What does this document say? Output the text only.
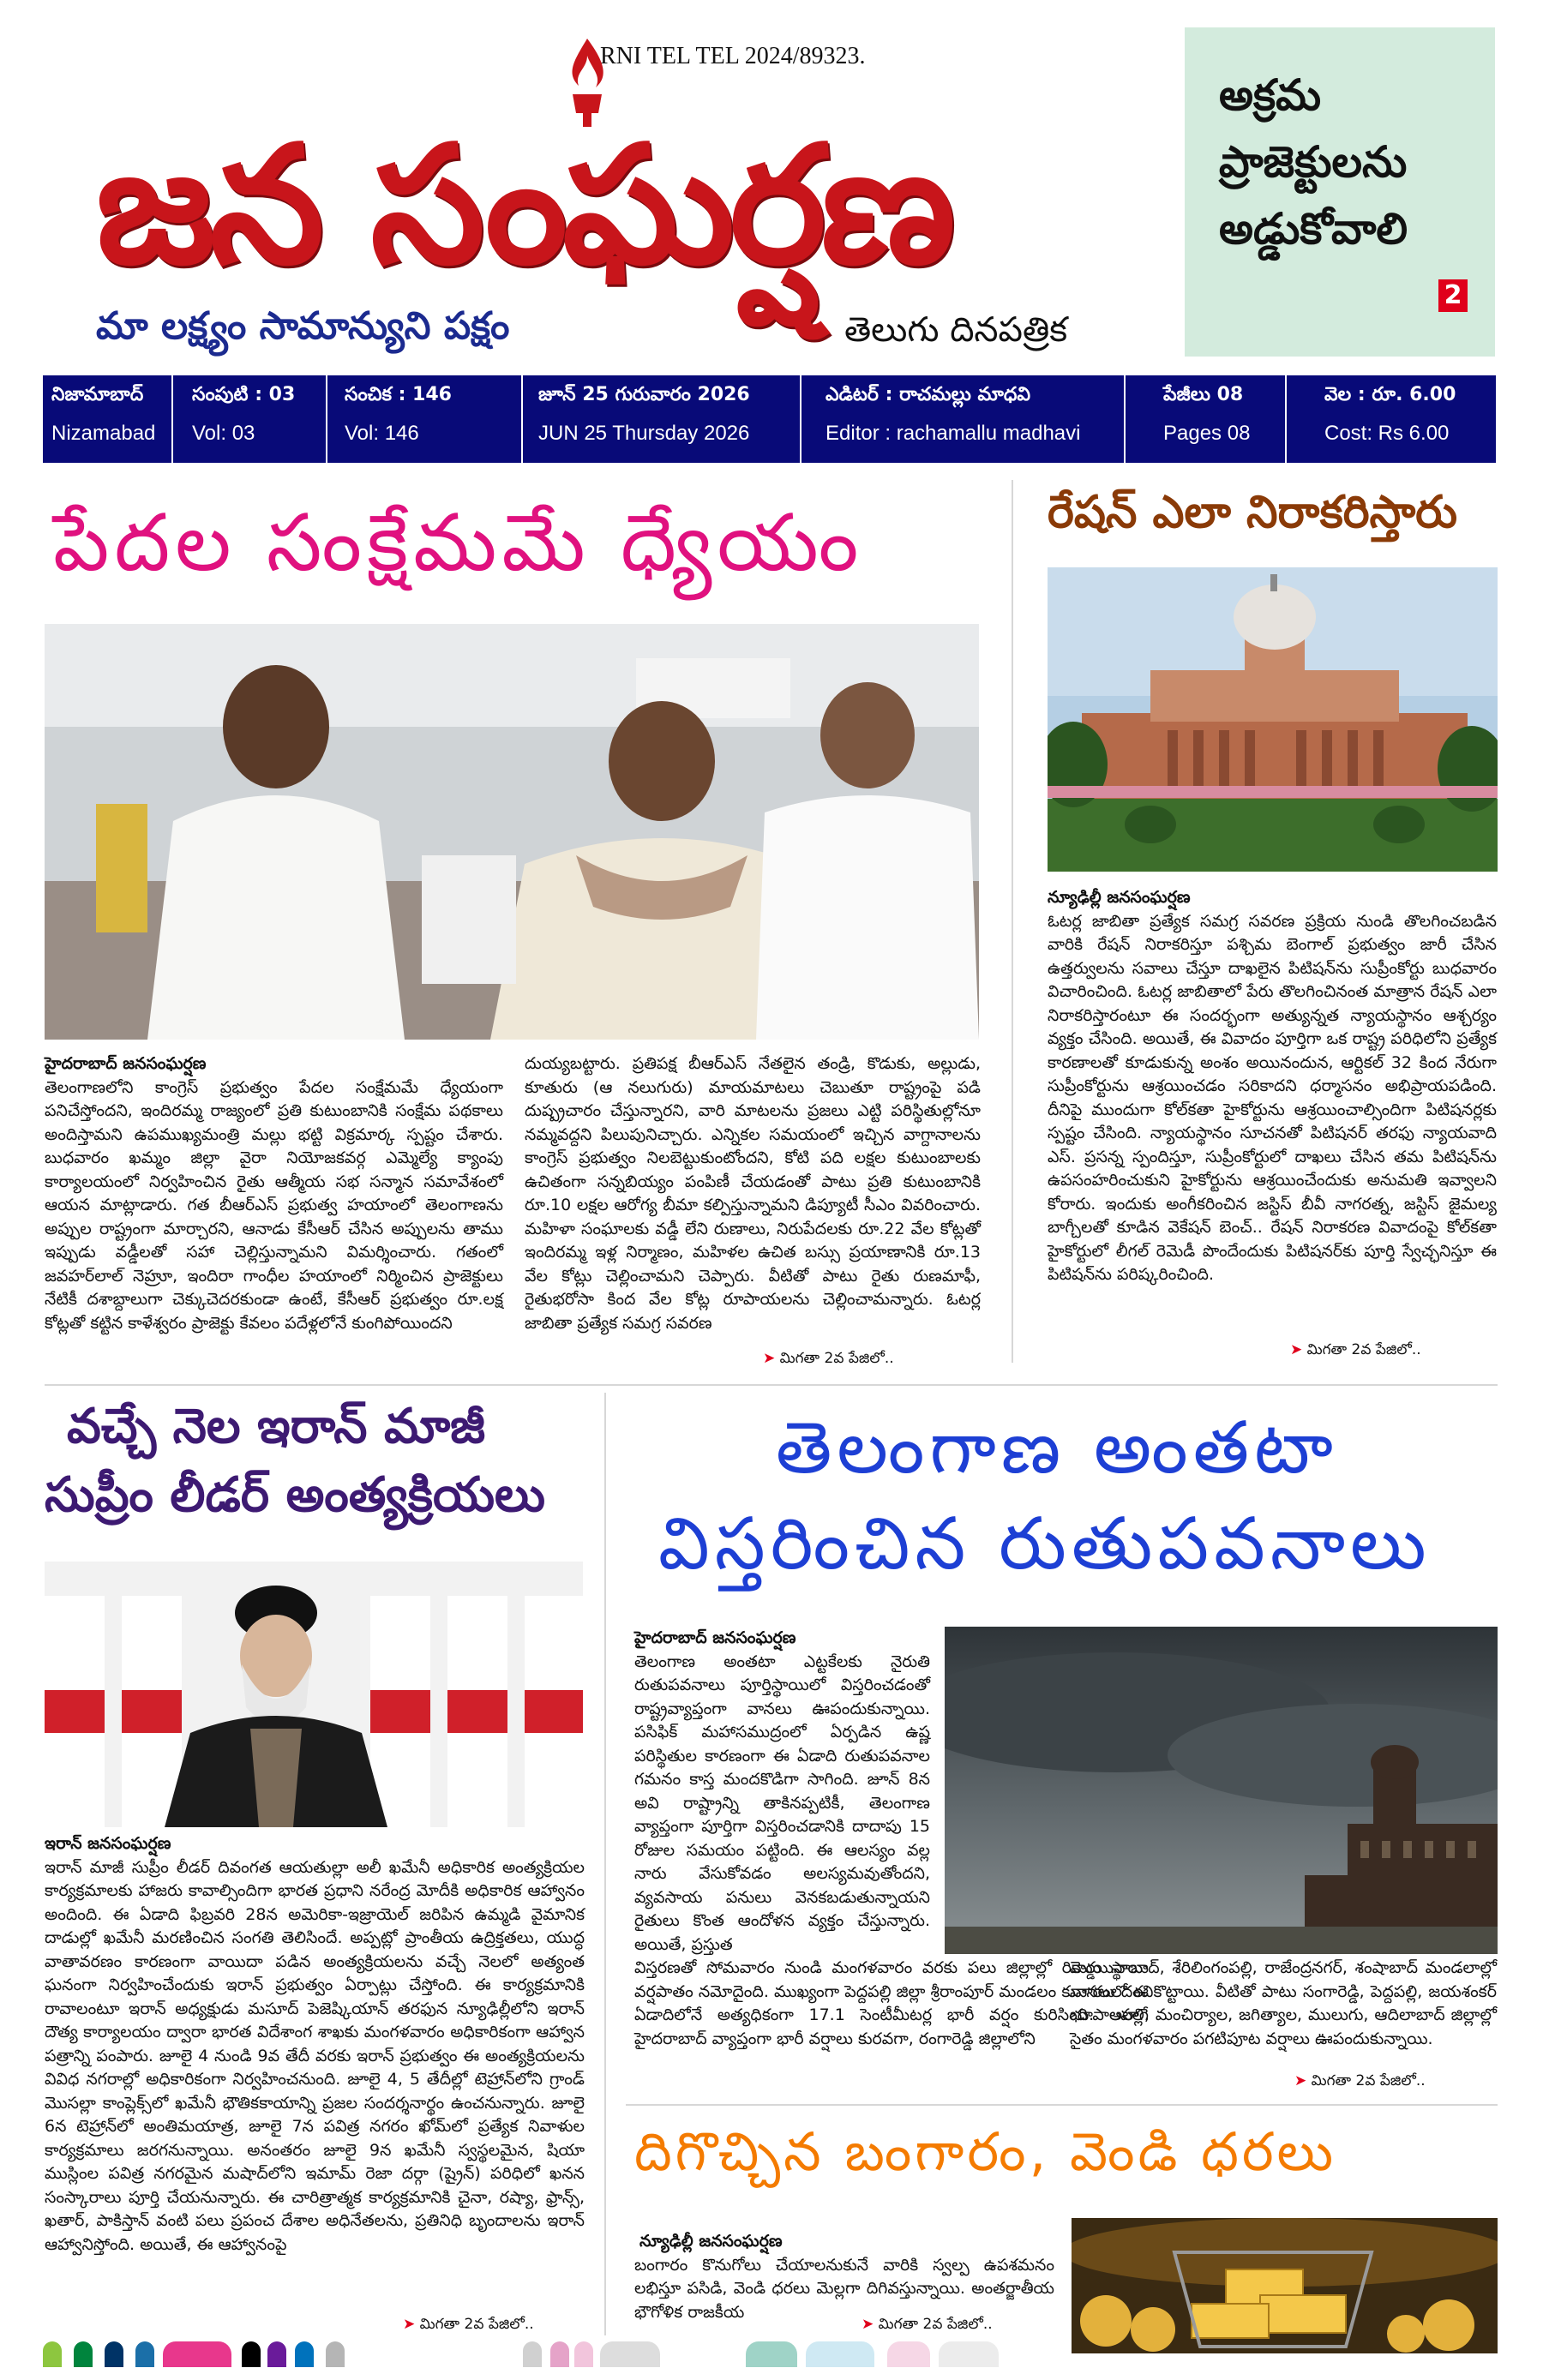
RNI TEL TEL 2024/89323.
జన సంఘర్షణ
మా లక్ష్యం సామాన్యుని పక్షం	తెలుగు దినపత్రిక
అక్రమ ప్రాజెక్టులను అడ్డుకోవాలి
2
నిజామాబాద్
Nizamabad
సంపుటి : 03
Vol: 03
సంచిక : 146
Vol: 146
జూన్ 25 గురువారం 2026
JUN 25 Thursday 2026
ఎడిటర్ : రాచమల్లు మాధవి
Editor : rachamallu madhavi
పేజీలు 08
Pages 08
వెల : రూ. 6.00
Cost: Rs 6.00
పేదల సంక్షేమమే ధ్యేయం
హైదరాబాద్ జనసంఘర్షణ
తెలంగాణలోని కాంగ్రెస్ ప్రభుత్వం పేదల సంక్షేమమే ధ్యేయంగా పనిచేస్తోందని, ఇందిరమ్మ రాజ్యంలో ప్రతి కుటుంబానికి సంక్షేమ పథకాలు అందిస్తామని ఉపముఖ్యమంత్రి మల్లు భట్టి విక్రమార్క స్పష్టం చేశారు. బుధవారం ఖమ్మం జిల్లా వైరా నియోజకవర్గ ఎమ్మెల్యే క్యాంపు కార్యాలయంలో నిర్వహించిన రైతు ఆత్మీయ సభ సన్మాన సమావేశంలో ఆయన మాట్లాడారు. గత బీఆర్ఎస్ ప్రభుత్వ హయాంలో తెలంగాణను అప్పుల రాష్ట్రంగా మార్చారని, ఆనాడు కేసీఆర్ చేసిన అప్పులను తాము ఇప్పుడు వడ్డీలతో సహా చెల్లిస్తున్నామని విమర్శించారు. గతంలో జవహర్‌లాల్ నెహ్రూ, ఇందిరా గాంధీల హయాంలో నిర్మించిన ప్రాజెక్టులు నేటికీ దశాబ్దాలుగా చెక్కుచెదరకుండా ఉంటే, కేసీఆర్ ప్రభుత్వం రూ.లక్ష కోట్లతో కట్టిన కాళేశ్వరం ప్రాజెక్టు కేవలం పదేళ్లలోనే కుంగిపోయిందని
దుయ్యబట్టారు. ప్రతిపక్ష బీఆర్ఎస్ నేతలైన తండ్రి, కొడుకు, అల్లుడు, కూతురు (ఆ నలుగురు) మాయమాటలు చెబుతూ రాష్ట్రంపై పడి దుష్ప్రచారం చేస్తున్నారని, వారి మాటలను ప్రజలు ఎట్టి పరిస్థితుల్లోనూ నమ్మవద్దని పిలుపునిచ్చారు. ఎన్నికల సమయంలో ఇచ్చిన వాగ్దానాలను కాంగ్రెస్ ప్రభుత్వం నిలబెట్టుకుంటోందని, కోటి పది లక్షల కుటుంబాలకు ఉచితంగా సన్నబియ్యం పంపిణీ చేయడంతో పాటు ప్రతి కుటుంబానికి రూ.10 లక్షల ఆరోగ్య బీమా కల్పిస్తున్నామని డిప్యూటీ సీఎం వివరించారు. మహిళా సంఘాలకు వడ్డీ లేని రుణాలు, నిరుపేదలకు రూ.22 వేల కోట్లతో ఇందిరమ్మ ఇళ్ల నిర్మాణం, మహిళల ఉచిత బస్సు ప్రయాణానికి రూ.13 వేల కోట్లు చెల్లించామని చెప్పారు. వీటితో పాటు రైతు రుణమాఫీ, రైతుభరోసా కింద వేల కోట్ల రూపాయలను చెల్లించామన్నారు. ఓటర్ల జాబితా ప్రత్యేక సమగ్ర సవరణ
➤ మిగతా 2వ పేజిలో..
రేషన్ ఎలా నిరాకరిస్తారు
న్యూఢిల్లీ జనసంఘర్షణ
ఓటర్ల జాబితా ప్రత్యేక సమగ్ర సవరణ ప్రక్రియ నుండి తొలగించబడిన వారికి రేషన్ నిరాకరిస్తూ పశ్చిమ బెంగాల్ ప్రభుత్వం జారీ చేసిన ఉత్తర్వులను సవాలు చేస్తూ దాఖలైన పిటిషన్‌ను సుప్రీంకోర్టు బుధవారం విచారించింది. ఓటర్ల జాబితాలో పేరు తొలగించినంత మాత్రాన రేషన్ ఎలా నిరాకరిస్తారంటూ ఈ సందర్భంగా అత్యున్నత న్యాయస్థానం ఆశ్చర్యం వ్యక్తం చేసింది. అయితే, ఈ వివాదం పూర్తిగా ఒక రాష్ట్ర పరిధిలోని ప్రత్యేక కారణాలతో కూడుకున్న అంశం అయినందున, ఆర్టికల్ 32 కింద నేరుగా సుప్రీంకోర్టును ఆశ్రయించడం సరికాదని ధర్మాసనం అభిప్రాయపడింది. దీనిపై ముందుగా కోల్‌కతా హైకోర్టును ఆశ్రయించాల్సిందిగా పిటిషనర్లకు స్పష్టం చేసింది. న్యాయస్థానం సూచనతో పిటిషనర్ తరఫు న్యాయవాది ఎస్. ప్రసన్న స్పందిస్తూ, సుప్రీంకోర్టులో దాఖలు చేసిన తమ పిటిషన్‌ను ఉపసంహరించుకుని హైకోర్టును ఆశ్రయించేందుకు అనుమతి ఇవ్వాలని కోరారు. ఇందుకు అంగీకరించిన జస్టిస్ బీవీ నాగరత్న, జస్టిస్ జైమల్య బాగ్చీలతో కూడిన వెకేషన్ బెంచ్.. రేషన్ నిరాకరణ వివాదంపై కోల్‌కతా హైకోర్టులో లీగల్ రెమెడీ పొందేందుకు పిటిషనర్‌కు పూర్తి స్వేచ్ఛనిస్తూ ఈ పిటిషన్‌ను పరిష్కరించింది.
➤ మిగతా 2వ పేజిలో..
వచ్చే నెల ఇరాన్ మాజీ
సుప్రీం లీడర్ అంత్యక్రియలు
ఇరాన్ జనసంఘర్షణ
ఇరాన్ మాజీ సుప్రీం లీడర్ దివంగత ఆయతుల్లా అలీ ఖమేనీ అధికారిక అంత్యక్రియల కార్యక్రమాలకు హాజరు కావాల్సిందిగా భారత ప్రధాని నరేంద్ర మోదీకి అధికారిక ఆహ్వానం అందింది. ఈ ఏడాది ఫిబ్రవరి 28న అమెరికా-ఇజ్రాయెల్ జరిపిన ఉమ్మడి వైమానిక దాడుల్లో ఖమేనీ మరణించిన సంగతి తెలిసిందే. అప్పట్లో ప్రాంతీయ ఉద్రిక్తతలు, యుద్ధ వాతావరణం కారణంగా వాయిదా పడిన అంత్యక్రియలను వచ్చే నెలలో అత్యంత ఘనంగా నిర్వహించేందుకు ఇరాన్ ప్రభుత్వం ఏర్పాట్లు చేస్తోంది. ఈ కార్యక్రమానికి రావాలంటూ ఇరాన్ అధ్యక్షుడు మసూద్ పెజెష్కియాన్ తరఫున న్యూఢిల్లీలోని ఇరాన్ దౌత్య కార్యాలయం ద్వారా భారత విదేశాంగ శాఖకు మంగళవారం అధికారికంగా ఆహ్వాన పత్రాన్ని పంపారు. జూలై 4 నుండి 9వ తేదీ వరకు ఇరాన్ ప్రభుత్వం ఈ అంత్యక్రియలను వివిధ నగరాల్లో అధికారికంగా నిర్వహించనుంది. జూలై 4, 5 తేదీల్లో టెహ్రాన్‌లోని గ్రాండ్ మొసల్లా కాంప్లెక్స్‌లో ఖమేనీ భౌతికకాయాన్ని ప్రజల సందర్శనార్థం ఉంచనున్నారు. జూలై 6న టెహ్రాన్‌లో అంతిమయాత్ర, జూలై 7న పవిత్ర నగరం ఖోమ్‌లో ప్రత్యేక నివాళుల కార్యక్రమాలు జరగనున్నాయి. అనంతరం జూలై 9న ఖమేనీ స్వస్థలమైన, షియా ముస్లింల పవిత్ర నగరమైన మషాద్‌లోని ఇమామ్ రెజా దర్గా (ష్రైన్) పరిధిలో ఖనన సంస్కారాలు పూర్తి చేయనున్నారు. ఈ చారిత్రాత్మక కార్యక్రమానికి చైనా, రష్యా, ఫ్రాన్స్, ఖతార్, పాకిస్తాన్ వంటి పలు ప్రపంచ దేశాల అధినేతలను, ప్రతినిధి బృందాలను ఇరాన్ ఆహ్వానిస్తోంది. అయితే, ఈ ఆహ్వానంపై
➤ మిగతా 2వ పేజిలో..
తెలంగాణ అంతటా
విస్తరించిన రుతుపవనాలు
హైదరాబాద్ జనసంఘర్షణ
తెలంగాణ అంతటా ఎట్టకేలకు నైరుతి రుతుపవనాలు పూర్తిస్థాయిలో విస్తరించడంతో రాష్ట్రవ్యాప్తంగా వానలు ఊపందుకున్నాయి. పసిఫిక్ మహాసముద్రంలో ఏర్పడిన ఉష్ణ పరిస్థితుల కారణంగా ఈ ఏడాది రుతుపవనాల గమనం కాస్త మందకొడిగా సాగింది. జూన్ 8న అవి రాష్ట్రాన్ని తాకినప్పటికీ, తెలంగాణ వ్యాప్తంగా పూర్తిగా విస్తరించడానికి దాదాపు 15 రోజుల సమయం పట్టింది. ఈ ఆలస్యం వల్ల నారు వేసుకోవడం అలస్యమవుతోందని, వ్యవసాయ పనులు వెనకబడుతున్నాయని రైతులు కొంత ఆందోళన వ్యక్తం చేస్తున్నారు. అయితే, ప్రస్తుత
విస్తరణతో సోమవారం నుండి మంగళవారం వరకు పలు జిల్లాల్లో రికార్డు స్థాయి వర్షపాతం నమోదైంది. ముఖ్యంగా పెద్దపల్లి జిల్లా శ్రీరాంపూర్ మండలం కునారంలో ఈ ఏడాదిలోనే అత్యధికంగా 17.1 సెంటీమీటర్ల భారీ వర్షం కురిసింది. అలాగే హైదరాబాద్ వ్యాప్తంగా భారీ వర్షాలు కురవగా, రంగారెడ్డి జిల్లాలోని
మొయినాబాద్, శేరిలింగంపల్లి, రాజేంద్రనగర్, శంషాబాద్ మండలాల్లో వానలు దంచికొట్టాయి. వీటితో పాటు సంగారెడ్డి, పెద్దపల్లి, జయశంకర్ భూపాలపల్లి, మంచిర్యాల, జగిత్యాల, ములుగు, ఆదిలాబాద్ జిల్లాల్లో సైతం మంగళవారం పగటిపూట వర్షాలు ఊపందుకున్నాయి.
➤ మిగతా 2వ పేజిలో..
దిగొచ్చిన బంగారం, వెండి ధరలు
న్యూఢిల్లీ జనసంఘర్షణ
బంగారం కొనుగోలు చేయాలనుకునే వారికి స్వల్ప ఉపశమనం లభిస్తూ పసిడి, వెండి ధరలు మెల్లగా దిగివస్తున్నాయి. అంతర్జాతీయ భౌగోళిక రాజకీయ
➤ మిగతా 2వ పేజిలో..
